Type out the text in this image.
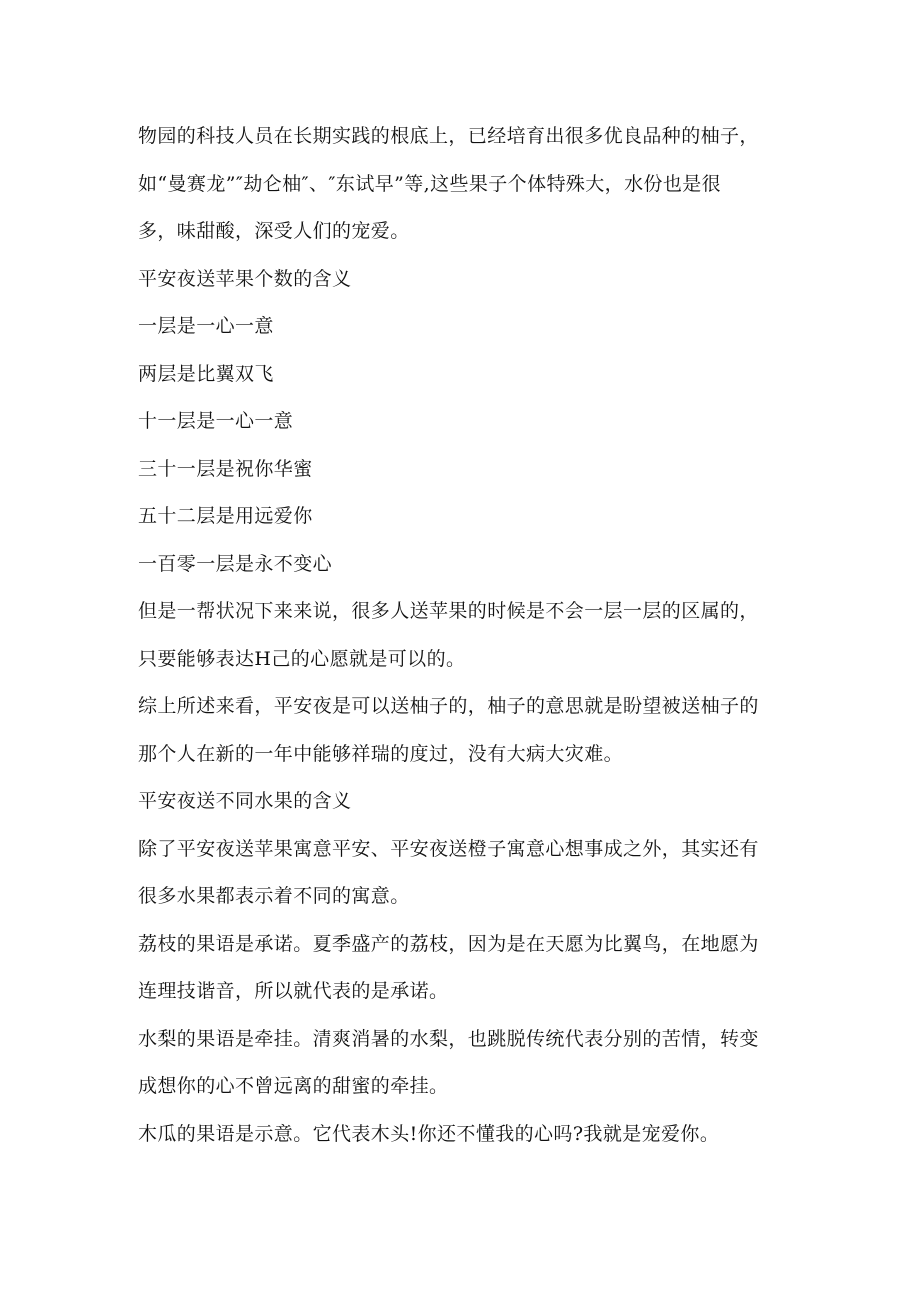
物园的科技人员在长期实践的根底上，已经培育出很多优良品种的柚子，
如“曼赛龙”″劫仑柚″、″东试早”等,这些果子个体特殊大，水份也是很
多，味甜酸，深受人们的宠爱。

平安夜送苹果个数的含义

一层是一心一意

两层是比翼双飞

十一层是一心一意

三十一层是祝你华蜜

五十二层是用远爱你

一百零一层是永不变心

但是一帮状况下来来说，很多人送苹果的时候是不会一层一层的区属的，
只要能够表达H己的心愿就是可以的。

综上所述来看，平安夜是可以送柚子的，柚子的意思就是盼望被送柚子的
那个人在新的一年中能够祥瑞的度过，没有大病大灾难。

平安夜送不同水果的含义

除了平安夜送苹果寓意平安、平安夜送橙子寓意心想事成之外，其实还有
很多水果都表示着不同的寓意。

荔枝的果语是承诺。夏季盛产的荔枝，因为是在天愿为比翼鸟，在地愿为
连理技谐音，所以就代表的是承诺。

水梨的果语是牵挂。清爽消暑的水梨，也跳脱传统代表分别的苦情，转变
成想你的心不曾远离的甜蜜的牵挂。

木瓜的果语是示意。它代表木头!你还不懂我的心吗?我就是宠爱你。
